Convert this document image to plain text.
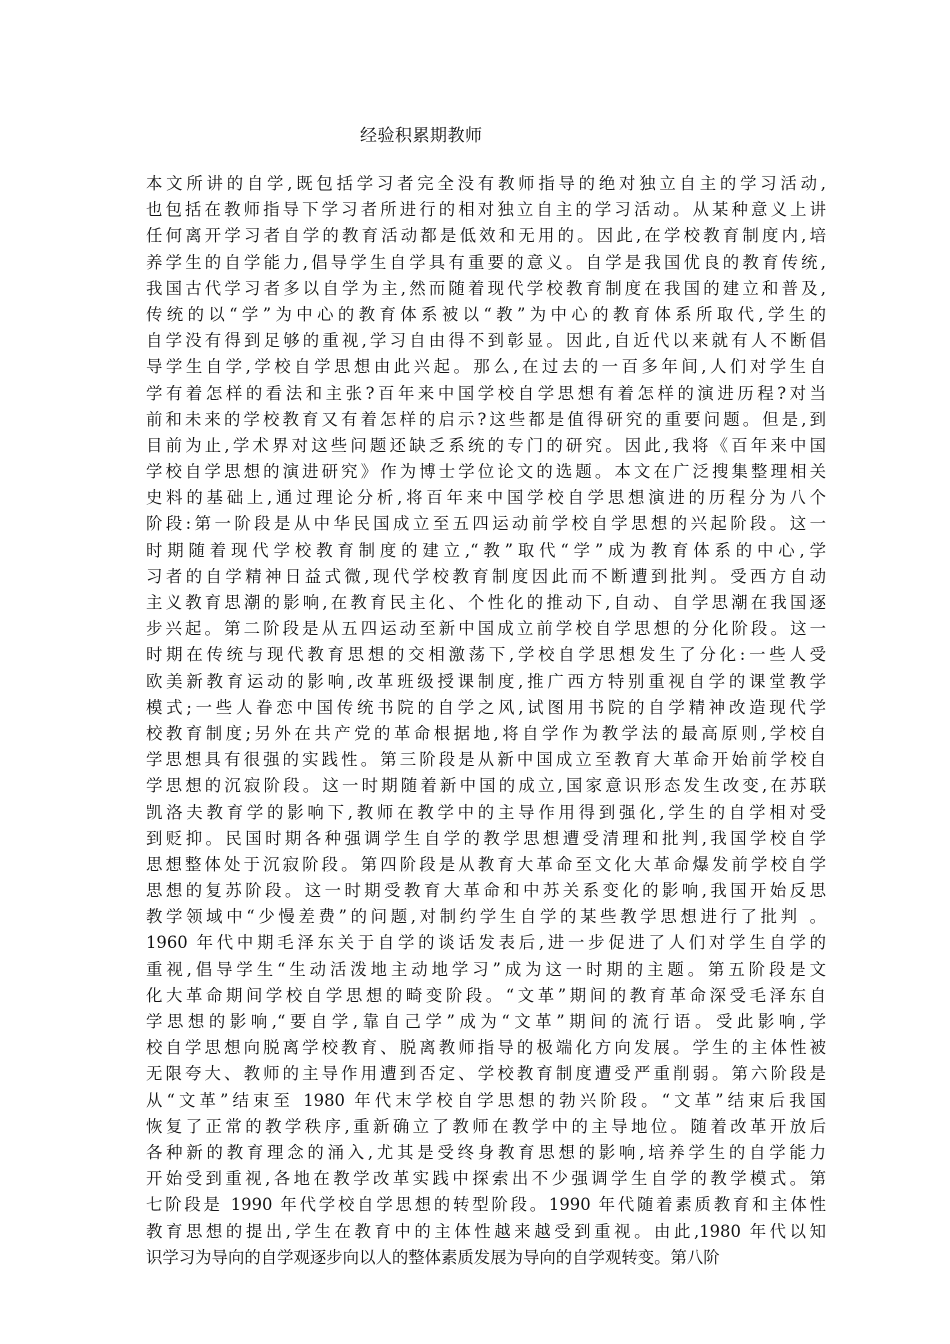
经验积累期教师
本文所讲的自学,既包括学习者完全没有教师指导的绝对独立自主的学习活动,
也包括在教师指导下学习者所进行的相对独立自主的学习活动。从某种意义上讲
任何离开学习者自学的教育活动都是低效和无用的。因此,在学校教育制度内,培
养学生的自学能力,倡导学生自学具有重要的意义。自学是我国优良的教育传统,
我国古代学习者多以自学为主,然而随着现代学校教育制度在我国的建立和普及,
传统的以“学”为中心的教育体系被以“教”为中心的教育体系所取代,学生的
自学没有得到足够的重视,学习自由得不到彰显。因此,自近代以来就有人不断倡
导学生自学,学校自学思想由此兴起。那么,在过去的一百多年间,人们对学生自
学有着怎样的看法和主张?百年来中国学校自学思想有着怎样的演进历程?对当
前和未来的学校教育又有着怎样的启示?这些都是值得研究的重要问题。但是,到
目前为止,学术界对这些问题还缺乏系统的专门的研究。因此,我将《百年来中国
学校自学思想的演进研究》作为博士学位论文的选题。本文在广泛搜集整理相关
史料的基础上,通过理论分析,将百年来中国学校自学思想演进的历程分为八个
阶段:第一阶段是从中华民国成立至五四运动前学校自学思想的兴起阶段。这一
时期随着现代学校教育制度的建立,“教”取代“学”成为教育体系的中心,学
习者的自学精神日益式微,现代学校教育制度因此而不断遭到批判。受西方自动
主义教育思潮的影响,在教育民主化、个性化的推动下,自动、自学思潮在我国逐
步兴起。第二阶段是从五四运动至新中国成立前学校自学思想的分化阶段。这一
时期在传统与现代教育思想的交相激荡下,学校自学思想发生了分化:一些人受
欧美新教育运动的影响,改革班级授课制度,推广西方特别重视自学的课堂教学
模式;一些人眷恋中国传统书院的自学之风,试图用书院的自学精神改造现代学
校教育制度;另外在共产党的革命根据地,将自学作为教学法的最高原则,学校自
学思想具有很强的实践性。第三阶段是从新中国成立至教育大革命开始前学校自
学思想的沉寂阶段。这一时期随着新中国的成立,国家意识形态发生改变,在苏联
凯洛夫教育学的影响下,教师在教学中的主导作用得到强化,学生的自学相对受
到贬抑。民国时期各种强调学生自学的教学思想遭受清理和批判,我国学校自学
思想整体处于沉寂阶段。第四阶段是从教育大革命至文化大革命爆发前学校自学
思想的复苏阶段。这一时期受教育大革命和中苏关系变化的影响,我国开始反思
教学领域中“少慢差费”的问题,对制约学生自学的某些教学思想进行了批判 。
1960 年代中期毛泽东关于自学的谈话发表后,进一步促进了人们对学生自学的
重视,倡导学生“生动活泼地主动地学习”成为这一时期的主题。第五阶段是文
化大革命期间学校自学思想的畸变阶段。“文革”期间的教育革命深受毛泽东自
学思想的影响,“要自学,靠自己学”成为“文革”期间的流行语。受此影响,学
校自学思想向脱离学校教育、脱离教师指导的极端化方向发展。学生的主体性被
无限夸大、教师的主导作用遭到否定、学校教育制度遭受严重削弱。第六阶段是
从“文革”结束至 1980 年代末学校自学思想的勃兴阶段。“文革”结束后我国
恢复了正常的教学秩序,重新确立了教师在教学中的主导地位。随着改革开放后
各种新的教育理念的涌入,尤其是受终身教育思想的影响,培养学生的自学能力
开始受到重视,各地在教学改革实践中探索出不少强调学生自学的教学模式。第
七阶段是 1990 年代学校自学思想的转型阶段。1990 年代随着素质教育和主体性
教育思想的提出,学生在教育中的主体性越来越受到重视。由此,1980 年代以知
识学习为导向的自学观逐步向以人的整体素质发展为导向的自学观转变。第八阶
